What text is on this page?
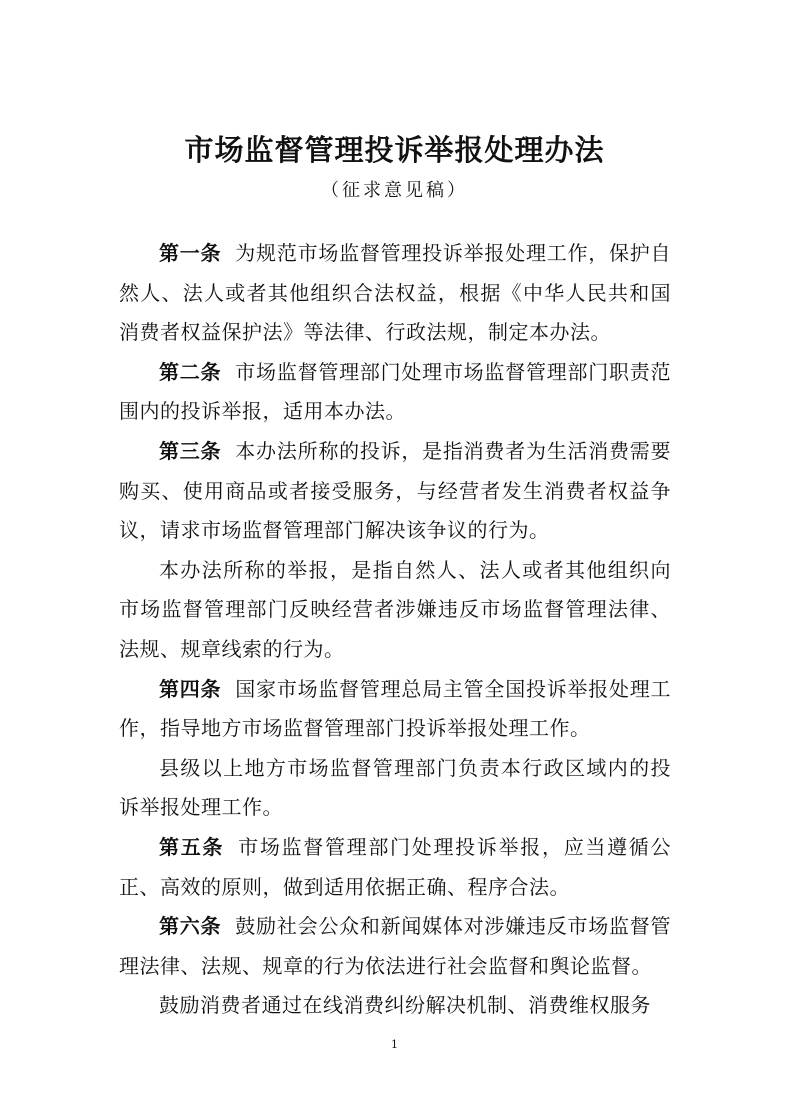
市场监督管理投诉举报处理办法
（征求意见稿）

第一条 为规范市场监督管理投诉举报处理工作，保护自然人、法人或者其他组织合法权益，根据《中华人民共和国消费者权益保护法》等法律、行政法规，制定本办法。

第二条 市场监督管理部门处理市场监督管理部门职责范围内的投诉举报，适用本办法。

第三条 本办法所称的投诉，是指消费者为生活消费需要购买、使用商品或者接受服务，与经营者发生消费者权益争议，请求市场监督管理部门解决该争议的行为。

本办法所称的举报，是指自然人、法人或者其他组织向市场监督管理部门反映经营者涉嫌违反市场监督管理法律、法规、规章线索的行为。

第四条 国家市场监督管理总局主管全国投诉举报处理工作，指导地方市场监督管理部门投诉举报处理工作。

县级以上地方市场监督管理部门负责本行政区域内的投诉举报处理工作。

第五条 市场监督管理部门处理投诉举报，应当遵循公正、高效的原则，做到适用依据正确、程序合法。

第六条 鼓励社会公众和新闻媒体对涉嫌违反市场监督管理法律、法规、规章的行为依法进行社会监督和舆论监督。

鼓励消费者通过在线消费纠纷解决机制、消费维权服务

1
